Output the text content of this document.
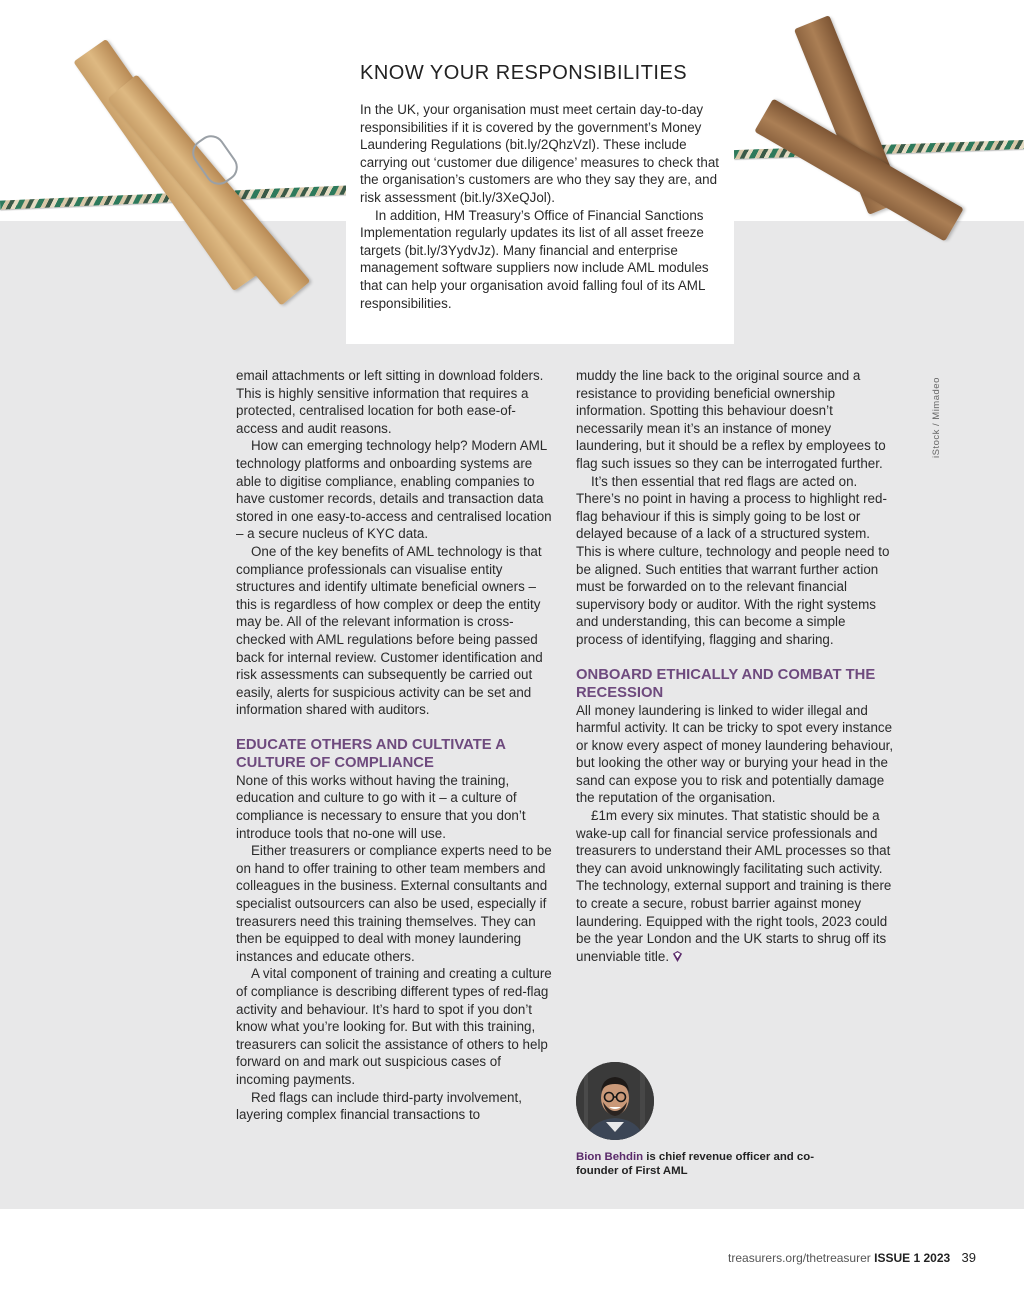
KNOW YOUR RESPONSIBILITIES

In the UK, your organisation must meet certain day-to-day responsibilities if it is covered by the government’s Money Laundering Regulations (bit.ly/2QhzVzl). These include carrying out ‘customer due diligence’ measures to check that the organisation’s customers are who they say they are, and risk assessment (bit.ly/3XeQJol).

In addition, HM Treasury’s Office of Financial Sanctions Implementation regularly updates its list of all asset freeze targets (bit.ly/3YydvJz). Many financial and enterprise management software suppliers now include AML modules that can help your organisation avoid falling foul of its AML responsibilities.

iStock / Mimadeo

email attachments or left sitting in download folders. This is highly sensitive information that requires a protected, centralised location for both ease-of-access and audit reasons.

How can emerging technology help? Modern AML technology platforms and onboarding systems are able to digitise compliance, enabling companies to have customer records, details and transaction data stored in one easy-to-access and centralised location – a secure nucleus of KYC data.

One of the key benefits of AML technology is that compliance professionals can visualise entity structures and identify ultimate beneficial owners – this is regardless of how complex or deep the entity may be. All of the relevant information is cross-checked with AML regulations before being passed back for internal review. Customer identification and risk assessments can subsequently be carried out easily, alerts for suspicious activity can be set and information shared with auditors.

EDUCATE OTHERS AND CULTIVATE A CULTURE OF COMPLIANCE

None of this works without having the training, education and culture to go with it – a culture of compliance is necessary to ensure that you don’t introduce tools that no-one will use.

Either treasurers or compliance experts need to be on hand to offer training to other team members and colleagues in the business. External consultants and specialist outsourcers can also be used, especially if treasurers need this training themselves. They can then be equipped to deal with money laundering instances and educate others.

A vital component of training and creating a culture of compliance is describing different types of red-flag activity and behaviour. It’s hard to spot if you don’t know what you’re looking for. But with this training, treasurers can solicit the assistance of others to help forward on and mark out suspicious cases of incoming payments.

Red flags can include third-party involvement, layering complex financial transactions to

muddy the line back to the original source and a resistance to providing beneficial ownership information. Spotting this behaviour doesn’t necessarily mean it’s an instance of money laundering, but it should be a reflex by employees to flag such issues so they can be interrogated further.

It’s then essential that red flags are acted on. There’s no point in having a process to highlight red-flag behaviour if this is simply going to be lost or delayed because of a lack of a structured system. This is where culture, technology and people need to be aligned. Such entities that warrant further action must be forwarded on to the relevant financial supervisory body or auditor. With the right systems and understanding, this can become a simple process of identifying, flagging and sharing.

ONBOARD ETHICALLY AND COMBAT THE RECESSION

All money laundering is linked to wider illegal and harmful activity. It can be tricky to spot every instance or know every aspect of money laundering behaviour, but looking the other way or burying your head in the sand can expose you to risk and potentially damage the reputation of the organisation.

£1m every six minutes. That statistic should be a wake-up call for financial service professionals and treasurers to understand their AML processes so that they can avoid unknowingly facilitating such activity. The technology, external support and training is there to create a secure, robust barrier against money laundering. Equipped with the right tools, 2023 could be the year London and the UK starts to shrug off its unenviable title.

Bion Behdin is chief revenue officer and co-founder of First AML
treasurers.org/thetreasurer ISSUE 1 2023 39
